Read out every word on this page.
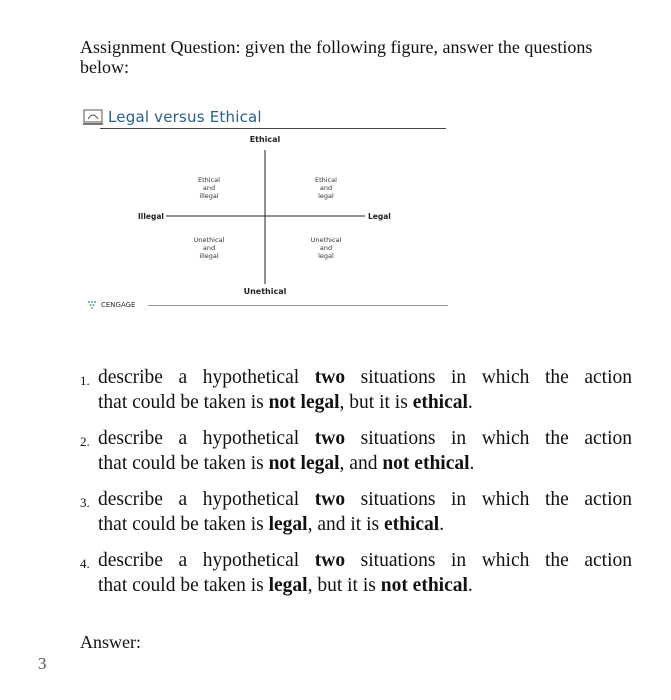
Assignment Question: given the following figure, answer the questions below:
Legal versus Ethical
Ethical
Unethical
Illegal	Legal
Ethical
and
illegal
Ethical
and
legal
Unethical
and
illegal
Unethical
and
legal
CENGAGE
1. describe a hypothetical two situations in which the action
that could be taken is not legal, but it is ethical.
2. describe a hypothetical two situations in which the action
that could be taken is not legal, and not ethical.
3. describe a hypothetical two situations in which the action
that could be taken is legal, and it is ethical.
4. describe a hypothetical two situations in which the action
that could be taken is legal, but it is not ethical.
Answer:
3
